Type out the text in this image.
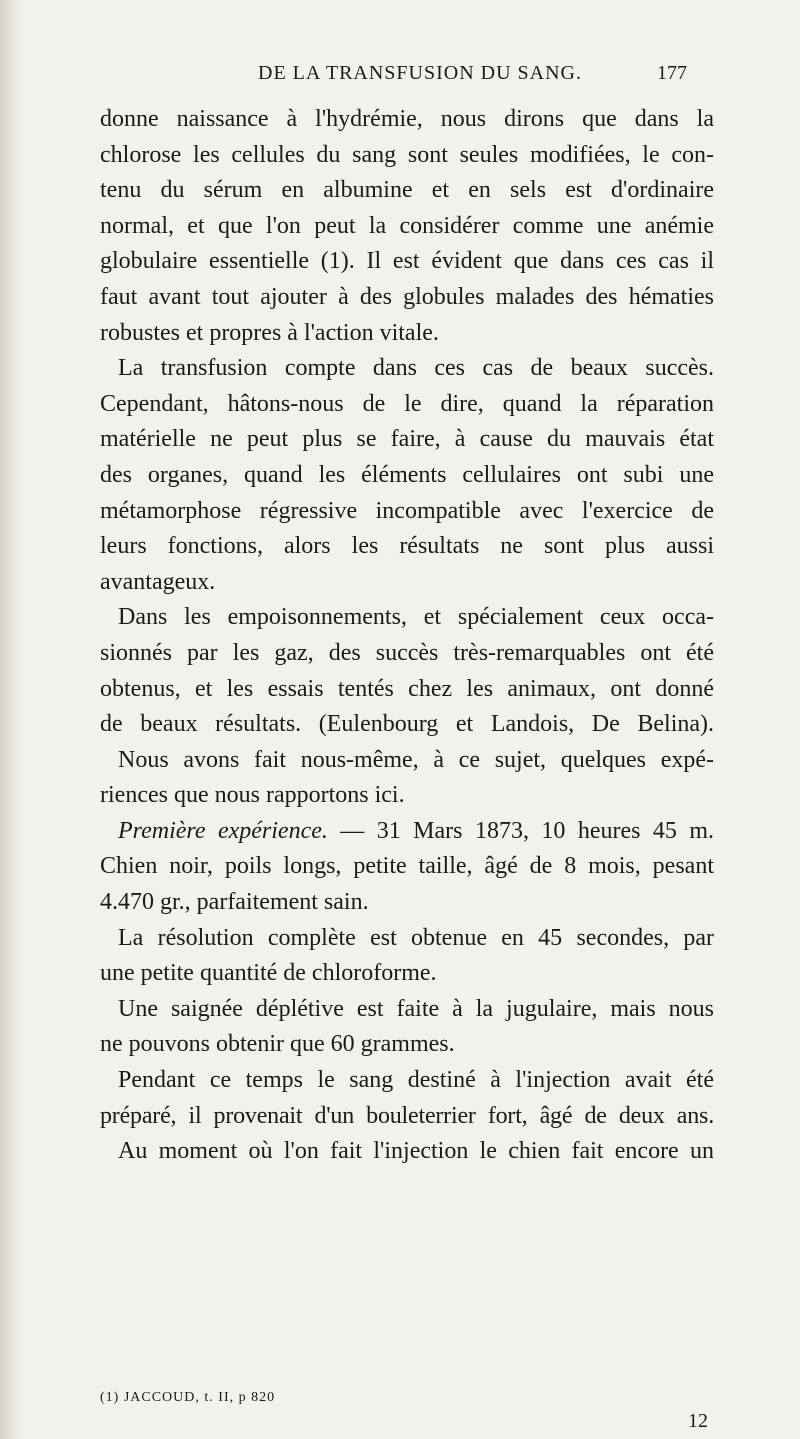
DE LA TRANSFUSION DU SANG.	177
donne naissance à l'hydrémie, nous dirons que dans la
chlorose les cellules du sang sont seules modifiées, le con-
tenu du sérum en albumine et en sels est d'ordinaire
normal, et que l'on peut la considérer comme une anémie
globulaire essentielle (1). Il est évident que dans ces cas il
faut avant tout ajouter à des globules malades des hématies
robustes et propres à l'action vitale.
La transfusion compte dans ces cas de beaux succès.
Cependant, hâtons-nous de le dire, quand la réparation
matérielle ne peut plus se faire, à cause du mauvais état
des organes, quand les éléments cellulaires ont subi une
métamorphose régressive incompatible avec l'exercice de
leurs fonctions, alors les résultats ne sont plus aussi
avantageux.
Dans les empoisonnements, et spécialement ceux occa-
sionnés par les gaz, des succès très-remarquables ont été
obtenus, et les essais tentés chez les animaux, ont donné
de beaux résultats. (Eulenbourg et Landois, De Belina).
Nous avons fait nous-même, à ce sujet, quelques expé-
riences que nous rapportons ici.
Première expérience. — 31 Mars 1873, 10 heures 45 m.
Chien noir, poils longs, petite taille, âgé de 8 mois, pesant
4.470 gr., parfaitement sain.
La résolution complète est obtenue en 45 secondes, par
une petite quantité de chloroforme.
Une saignée déplétive est faite à la jugulaire, mais nous
ne pouvons obtenir que 60 grammes.
Pendant ce temps le sang destiné à l'injection avait été
préparé, il provenait d'un bouleterrier fort, âgé de deux ans.
Au moment où l'on fait l'injection le chien fait encore un
(1) JACCOUD, t. II, p 820
12
